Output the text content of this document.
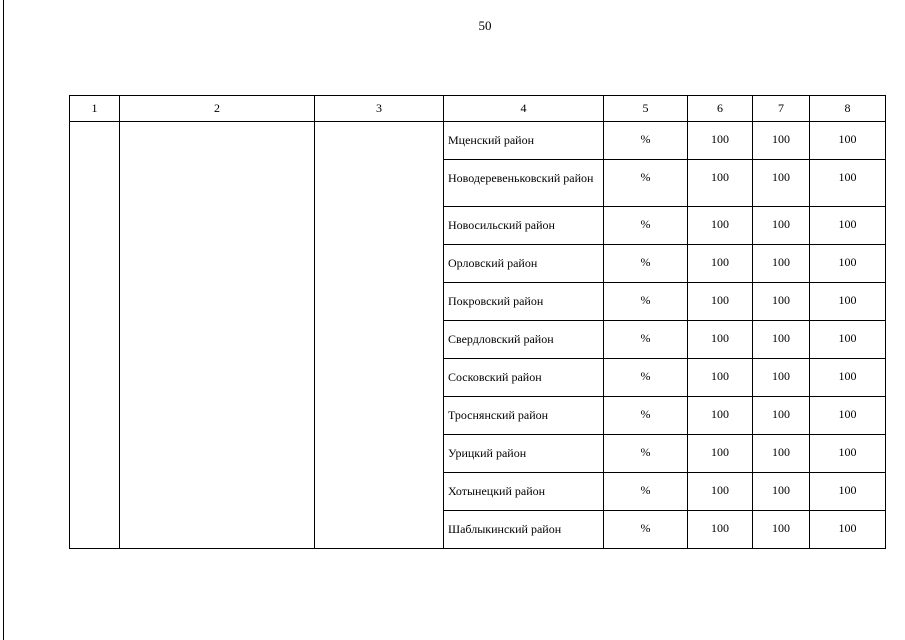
50
1	2	3	4	5	6	7	8
			Мценский район	%	100	100	100
			Новодеревеньковский район	%	100	100	100
			Новосильский район	%	100	100	100
			Орловский район	%	100	100	100
			Покровский район	%	100	100	100
			Свердловский район	%	100	100	100
			Сосковский район	%	100	100	100
			Троснянский район	%	100	100	100
			Урицкий район	%	100	100	100
			Хотынецкий район	%	100	100	100
			Шаблыкинский район	%	100	100	100
